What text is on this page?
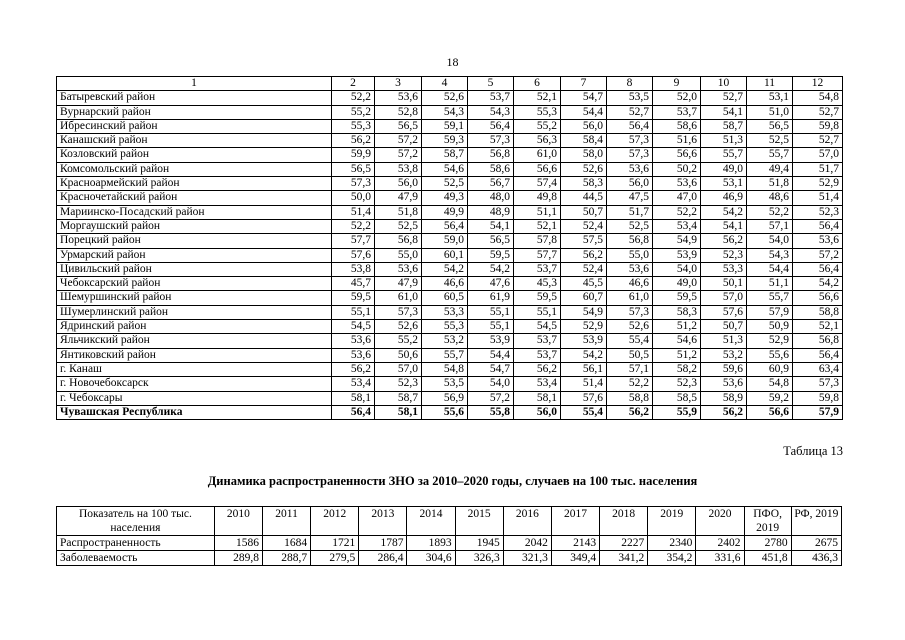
18
1	2	3	4	5	6	7	8	9	10	11	12
Батыревский район	52,2	53,6	52,6	53,7	52,1	54,7	53,5	52,0	52,7	53,1	54,8
Вурнарский район	55,2	52,8	54,3	54,3	55,3	54,4	52,7	53,7	54,1	51,0	52,7
Ибресинский район	55,3	56,5	59,1	56,4	55,2	56,0	56,4	58,6	58,7	56,5	59,8
Канашский район	56,2	57,2	59,3	57,3	56,3	58,4	57,3	51,6	51,3	52,5	52,7
Козловский район	59,9	57,2	58,7	56,8	61,0	58,0	57,3	56,6	55,7	55,7	57,0
Комсомольский район	56,5	53,8	54,6	58,6	56,6	52,6	53,6	50,2	49,0	49,4	51,7
Красноармейский район	57,3	56,0	52,5	56,7	57,4	58,3	56,0	53,6	53,1	51,8	52,9
Красночетайский район	50,0	47,9	49,3	48,0	49,8	44,5	47,5	47,0	46,9	48,6	51,4
Мариинско-Посадский район	51,4	51,8	49,9	48,9	51,1	50,7	51,7	52,2	54,2	52,2	52,3
Моргаушский район	52,2	52,5	56,4	54,1	52,1	52,4	52,5	53,4	54,1	57,1	56,4
Порецкий район	57,7	56,8	59,0	56,5	57,8	57,5	56,8	54,9	56,2	54,0	53,6
Урмарский район	57,6	55,0	60,1	59,5	57,7	56,2	55,0	53,9	52,3	54,3	57,2
Цивильский район	53,8	53,6	54,2	54,2	53,7	52,4	53,6	54,0	53,3	54,4	56,4
Чебоксарский район	45,7	47,9	46,6	47,6	45,3	45,5	46,6	49,0	50,1	51,1	54,2
Шемуршинский район	59,5	61,0	60,5	61,9	59,5	60,7	61,0	59,5	57,0	55,7	56,6
Шумерлинский район	55,1	57,3	53,3	55,1	55,1	54,9	57,3	58,3	57,6	57,9	58,8
Ядринский район	54,5	52,6	55,3	55,1	54,5	52,9	52,6	51,2	50,7	50,9	52,1
Яльчикский район	53,6	55,2	53,2	53,9	53,7	53,9	55,4	54,6	51,3	52,9	56,8
Янтиковский район	53,6	50,6	55,7	54,4	53,7	54,2	50,5	51,2	53,2	55,6	56,4
г. Канаш	56,2	57,0	54,8	54,7	56,2	56,1	57,1	58,2	59,6	60,9	63,4
г. Новочебоксарск	53,4	52,3	53,5	54,0	53,4	51,4	52,2	52,3	53,6	54,8	57,3
г. Чебоксары	58,1	58,7	56,9	57,2	58,1	57,6	58,8	58,5	58,9	59,2	59,8
Чувашская Республика	56,4	58,1	55,6	55,8	56,0	55,4	56,2	55,9	56,2	56,6	57,9
Таблица 13
Динамика распространенности ЗНО за 2010–2020 годы, случаев на 100 тыс. населения
Показатель на 100 тыс. населения	2010	2011	2012	2013	2014	2015	2016	2017	2018	2019	2020	ПФО, 2019	РФ, 2019
Распространенность	1586	1684	1721	1787	1893	1945	2042	2143	2227	2340	2402	2780	2675
Заболеваемость	289,8	288,7	279,5	286,4	304,6	326,3	321,3	349,4	341,2	354,2	331,6	451,8	436,3
